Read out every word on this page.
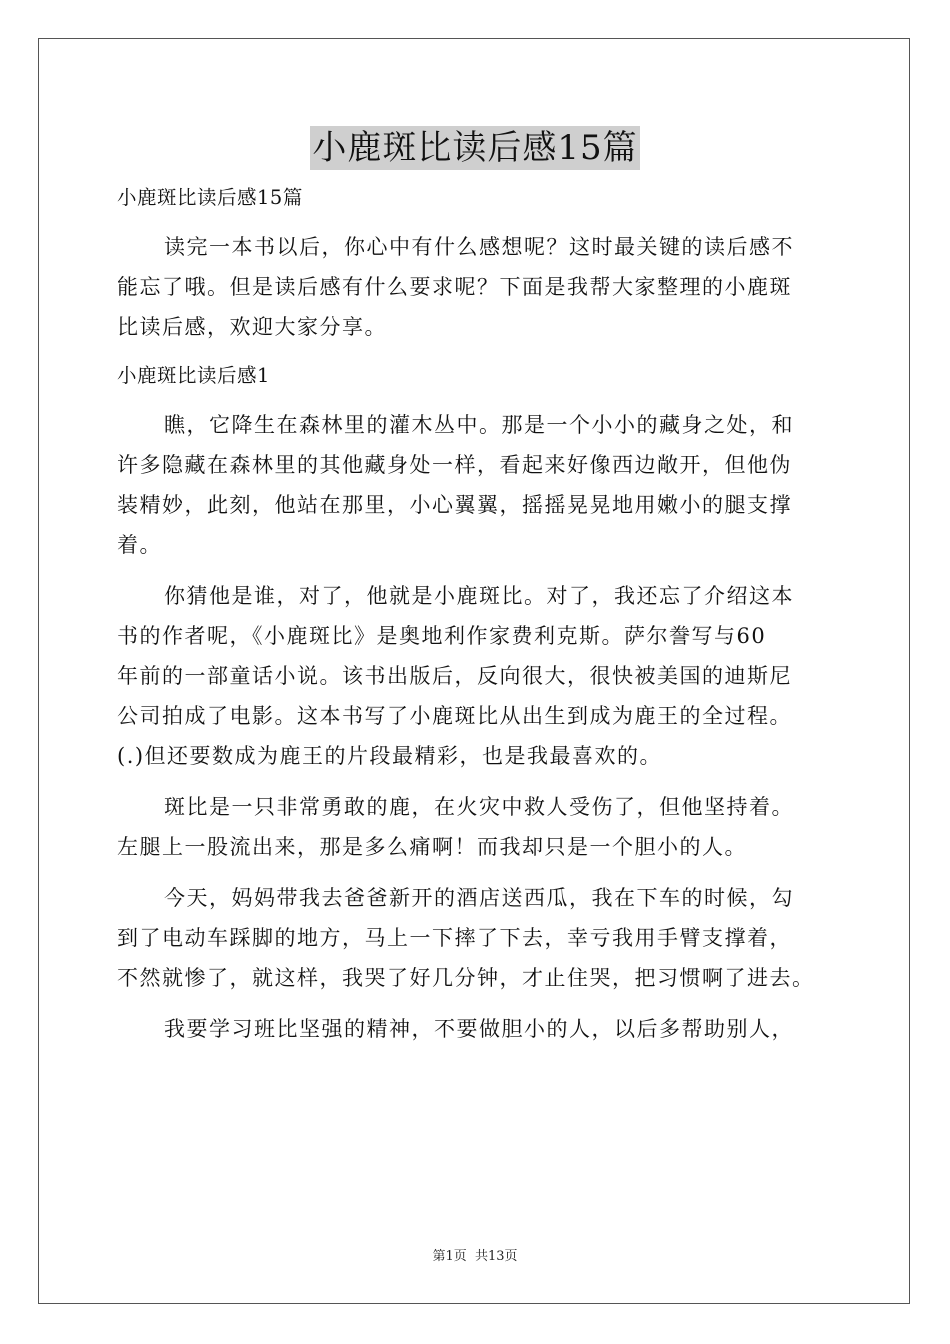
小鹿斑比读后感15篇
小鹿斑比读后感15篇
读完一本书以后，你心中有什么感想呢？这时最关键的读后感不
能忘了哦。但是读后感有什么要求呢？下面是我帮大家整理的小鹿斑
比读后感，欢迎大家分享。
小鹿斑比读后感1
瞧，它降生在森林里的灌木丛中。那是一个小小的藏身之处，和
许多隐藏在森林里的其他藏身处一样，看起来好像西边敞开，但他伪
装精妙，此刻，他站在那里，小心翼翼，摇摇晃晃地用嫩小的腿支撑
着。
你猜他是谁，对了，他就是小鹿斑比。对了，我还忘了介绍这本
书的作者呢，《小鹿斑比》是奥地利作家费利克斯。萨尔誊写与60
年前的一部童话小说。该书出版后，反向很大，很快被美国的迪斯尼
公司拍成了电影。这本书写了小鹿斑比从出生到成为鹿王的全过程。
(.)但还要数成为鹿王的片段最精彩，也是我最喜欢的。
斑比是一只非常勇敢的鹿，在火灾中救人受伤了，但他坚持着。
左腿上一股流出来，那是多么痛啊！而我却只是一个胆小的人。
今天，妈妈带我去爸爸新开的酒店送西瓜，我在下车的时候，勾
到了电动车踩脚的地方，马上一下摔了下去，幸亏我用手臂支撑着，
不然就惨了，就这样，我哭了好几分钟，才止住哭，把习惯啊了进去。
我要学习班比坚强的精神，不要做胆小的人，以后多帮助别人，
第1页 共13页
